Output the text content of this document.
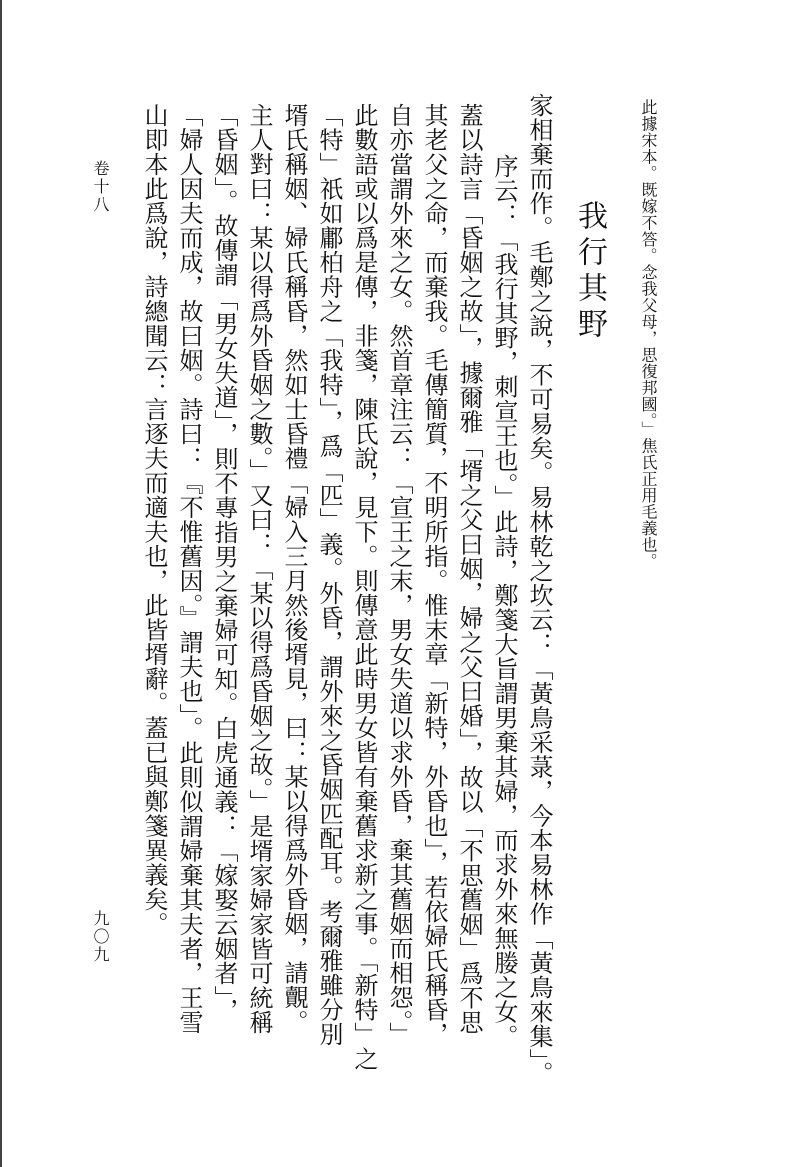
家相棄而作。毛鄭之說，不可易矣。易林乾之坎云：「黃鳥采菉，今本易林作「黃鳥來集」。	此據宋本。既嫁不答。念我父母，思復邦國。」焦氏正用毛義也。
我行其野
序云：「我行其野，刺宣王也。」此詩，鄭箋大旨謂男棄其婦，而求外來無媵之女。
蓋以詩言「昏姻之故」，據爾雅「壻之父曰姻，婦之父曰婚」，故以「不思舊姻」爲不思
其老父之命，而棄我。毛傳簡質，不明所指。惟末章「新特，外昏也」，若依婦氏稱昏，
自亦當謂外來之女。然首章注云：「宣王之末，男女失道以求外昏，棄其舊姻而相怨。」
此數語或以爲是傳，非箋，陳氏說，見下。則傳意此時男女皆有棄舊求新之事。「新特」之
「特」祇如鄘柏舟之「我特」，爲「匹」義。外昏，謂外來之昏姻匹配耳。考爾雅雖分別
壻氏稱姻、婦氏稱昏，然如士昏禮「婦入三月然後壻見，曰：某以得爲外昏姻，請覿。
主人對曰：某以得爲外昏姻之數。」又曰：「某以得爲昏姻之故。」是壻家婦家皆可統稱
「昏姻」。故傳謂「男女失道」，則不專指男之棄婦可知。白虎通義：「嫁娶云姻者」，
「婦人因夫而成，故曰姻。詩曰：『不惟舊因。』謂夫也」。此則似謂婦棄其夫者，王雪
山即本此爲說，詩總聞云：言逐夫而適夫也，此皆壻辭。蓋已與鄭箋異義矣。
卷十八
九〇九
